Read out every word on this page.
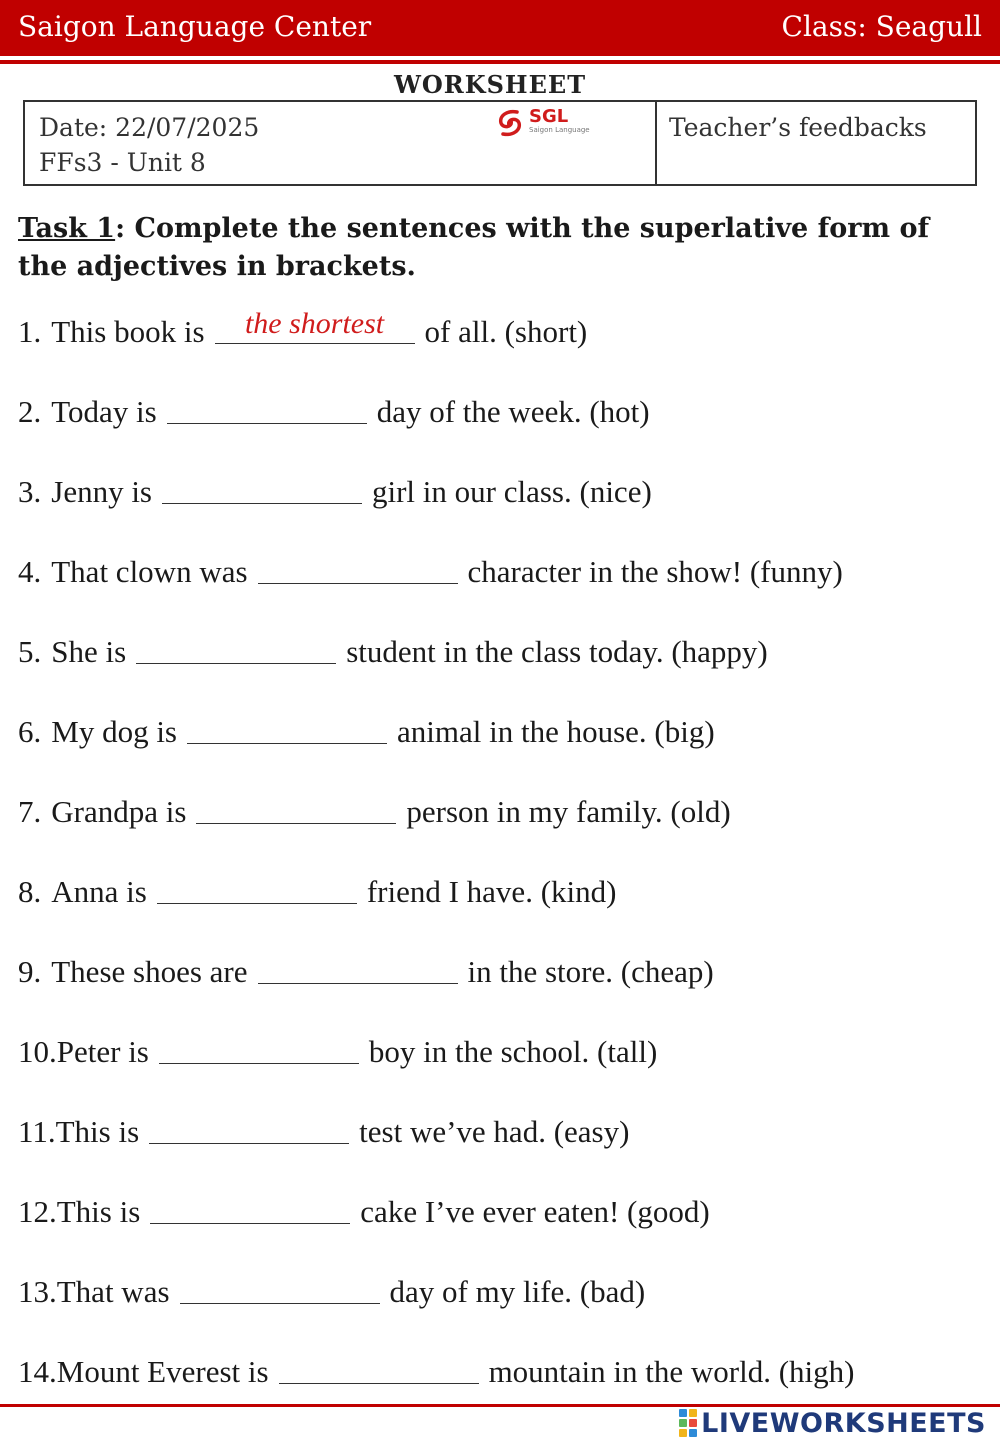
Saigon Language Center	Class: Seagull
WORKSHEET
Date: 22/07/2025
FFs3 - Unit 8
SGL
Saigon Language	Teacher’s feedbacks
Task 1: Complete the sentences with the superlative form of the adjectives in brackets.
1. This book is	the shortest	of all. (short)
2. Today is	day of the week. (hot)
3. Jenny is	girl in our class. (nice)
4. That clown was	character in the show! (funny)
5. She is	student in the class today. (happy)
6. My dog is	animal in the house. (big)
7. Grandpa is	person in my family. (old)
8. Anna is	friend I have. (kind)
9. These shoes are	in the store. (cheap)
10. Peter is	boy in the school. (tall)
11. This is	test we’ve had. (easy)
12. This is	cake I’ve ever eaten! (good)
13. That was	day of my life. (bad)
14. Mount Everest is	mountain in the world. (high)
LIVEWORKSHEETS
